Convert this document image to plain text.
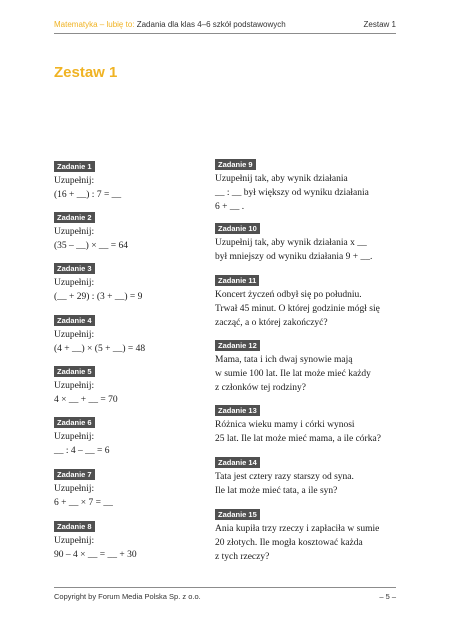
Matematyka – lubię to: Zadania dla klas 4–6 szkół podstawowych	Zestaw 1
Zestaw 1
Zadanie 1
Uzupełnij:
(16 + __) : 7 = __
Zadanie 2
Uzupełnij:
(35 – __) × __ = 64
Zadanie 3
Uzupełnij:
(__ + 29) : (3 + __) = 9
Zadanie 4
Uzupełnij:
(4 + __) × (5 + __) = 48
Zadanie 5
Uzupełnij:
4 × __ + __ = 70
Zadanie 6
Uzupełnij:
__ : 4 – __ = 6
Zadanie 7
Uzupełnij:
6 + __ × 7 = __
Zadanie 8
Uzupełnij:
90 – 4 × __ = __ + 30
Zadanie 9
Uzupełnij tak, aby wynik działania
__ : __ był większy od wyniku działania
6 + __ .
Zadanie 10
Uzupełnij tak, aby wynik działania x __
był mniejszy od wyniku działania 9 + __.
Zadanie 11
Koncert życzeń odbył się po południu.
Trwał 45 minut. O której godzinie mógł się
zacząć, a o której zakończyć?
Zadanie 12
Mama, tata i ich dwaj synowie mają
w sumie 100 lat. Ile lat może mieć każdy
z członków tej rodziny?
Zadanie 13
Różnica wieku mamy i córki wynosi
25 lat. Ile lat może mieć mama, a ile córka?
Zadanie 14
Tata jest cztery razy starszy od syna.
Ile lat może mieć tata, a ile syn?
Zadanie 15
Ania kupiła trzy rzeczy i zapłaciła w sumie
20 złotych. Ile mogła kosztować każda
z tych rzeczy?
Copyright by Forum Media Polska Sp. z o.o.	– 5 –
